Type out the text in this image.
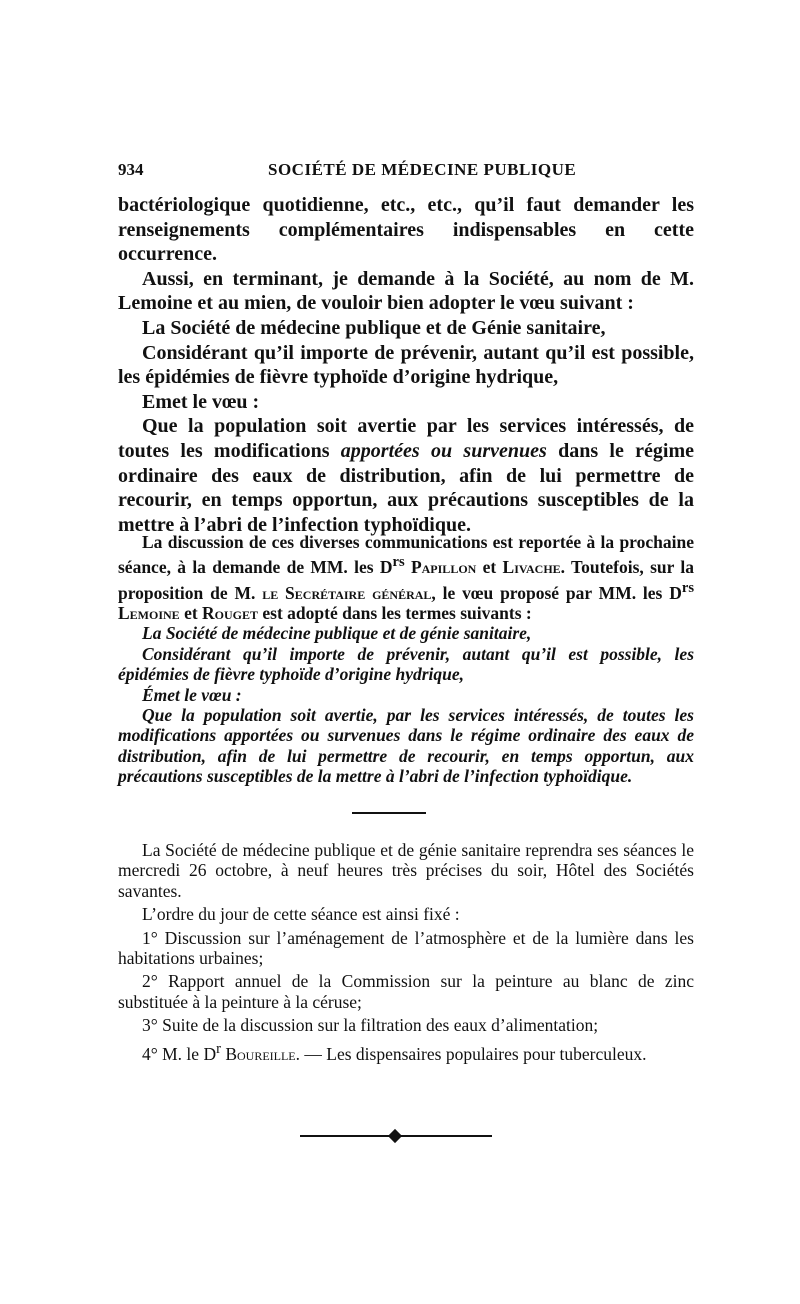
934	SOCIÉTÉ DE MÉDECINE PUBLIQUE

bactériologique quotidienne, etc., etc., qu’il faut demander les renseignements complémentaires indispensables en cette occurrence.

Aussi, en terminant, je demande à la Société, au nom de M. Lemoine et au mien, de vouloir bien adopter le vœu suivant :

La Société de médecine publique et de Génie sanitaire,

Considérant qu’il importe de prévenir, autant qu’il est possible, les épidémies de fièvre typhoïde d’origine hydrique,

Emet le vœu :

Que la population soit avertie par les services intéressés, de toutes les modifications apportées ou survenues dans le régime ordinaire des eaux de distribution, afin de lui permettre de recourir, en temps opportun, aux précautions susceptibles de la mettre à l’abri de l’infection typhoïdique.

La discussion de ces diverses communications est reportée à la prochaine séance, à la demande de MM. les $D^{rs}$ Papillon et Livache. Toutefois, sur la proposition de M. le Secrétaire général, le vœu proposé par MM. les $D^{rs}$ Lemoine et Rouget est adopté dans les termes suivants :

La Société de médecine publique et de génie sanitaire,

Considérant qu’il importe de prévenir, autant qu’il est possible, les épidémies de fièvre typhoïde d’origine hydrique,

Émet le vœu :

Que la population soit avertie, par les services intéressés, de toutes les modifications apportées ou survenues dans le régime ordinaire des eaux de distribution, afin de lui permettre de recourir, en temps opportun, aux précautions susceptibles de la mettre à l’abri de l’infection typhoïdique.

La Société de médecine publique et de génie sanitaire reprendra ses séances le mercredi 26 octobre, à neuf heures très précises du soir, Hôtel des Sociétés savantes.

L’ordre du jour de cette séance est ainsi fixé :

1° Discussion sur l’aménagement de l’atmosphère et de la lumière dans les habitations urbaines;

2° Rapport annuel de la Commission sur la peinture au blanc de zinc substituée à la peinture à la céruse;

3° Suite de la discussion sur la filtration des eaux d’alimentation;

4° M. le $D^r$ Boureille. — Les dispensaires populaires pour tuberculeux.
